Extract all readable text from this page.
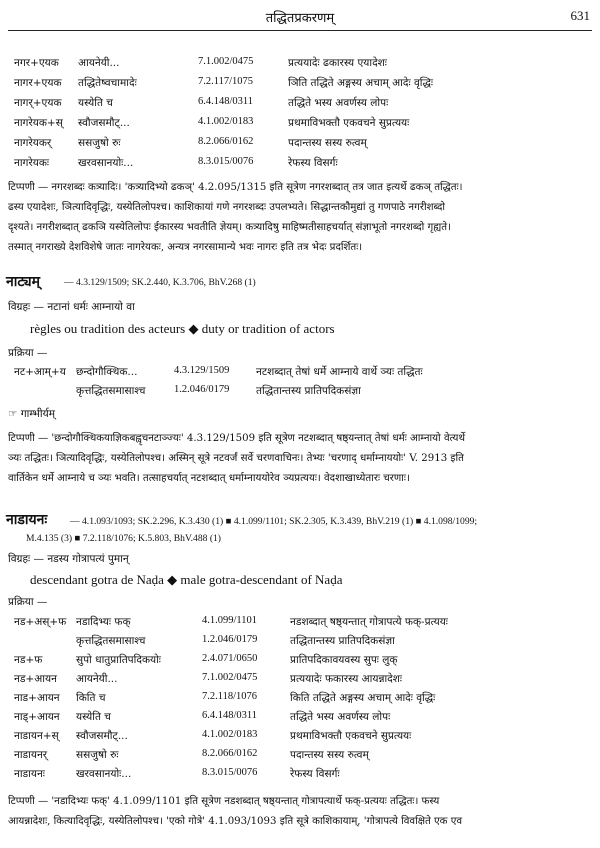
तद्धितप्रकरणम्	631
नगर+एयक आयनेयी...	7.1.002/0475	प्रत्ययादेः ढकारस्य एयादेशः
नागर+एयक तद्धितेष्वचामादेः	7.2.117/1075	ञिति तद्धिते अङ्गस्य अचाम् आदेः वृद्धिः
नागर्+एयक यस्येति च	6.4.148/0311	तद्धिते भस्य अवर्णस्य लोपः
नागरेयक+स् स्वौजसमौट्...	4.1.002/0183	प्रथमाविभक्तौ एकवचने सुप्रत्ययः
नागरेयकर्	ससजुषो रुः	8.2.066/0162	पदान्तस्य सस्य रुत्वम्
नागरेयकः	खरवसानयोः...	8.3.015/0076	रेफस्य विसर्गः
टिप्पणी — नगरशब्दः कत्र्यादिः। 'कत्र्यादिभ्यो ढकञ्' 4.2.095/1315 इति सूत्रेण नगरशब्दात् तत्र जात इत्यर्थे ढकञ् तद्धितः।
ढस्य एयादेशः, ञित्यादिवृद्धिः, यस्येतिलोपश्च। काशिकायां गणे नगरशब्दः उपलभ्यते। सिद्धान्तकौमुद्यां तु गणपाठे नगरीशब्दो
दृश्यते। नगरीशब्दात् ढकञि यस्येतिलोपः ईकारस्य भवतीति ज्ञेयम्। कत्र्यादिषु माहिष्मतीसाहचर्यात् संज्ञाभूतो नगरशब्दो गृह्यते।
तस्मात् नगराख्ये देशविशेषे जातः नागरेयकः, अन्यत्र नगरसामान्ये भवः नागरः इति तत्र भेदः प्रदर्शितः।
नाट्यम्	— 4.3.129/1509; SK.2.440, K.3.706, BhV.268 (1)
विग्रहः — नटानां धर्मः आम्नायो वा
règles ou tradition des acteurs ◆ duty or tradition of actors
प्रक्रिया —
नट+आम्+य छन्दोगौक्थिक...	4.3.129/1509	नटशब्दात् तेषां धर्मे आम्नाये वार्थे ञ्यः तद्धितः
कृत्तद्धितसमासाश्च	1.2.046/0179	तद्धितान्तस्य प्रातिपदिकसंज्ञा
☞ गाम्भीर्यम्
टिप्पणी — 'छन्दोगौक्थिकयाज्ञिकबह्वृचनटाञ्ज्यः' 4.3.129/1509 इति सूत्रेण नटशब्दात् षष्ठ्यन्तात् तेषां धर्मः आम्नायो वेत्यर्थे
ञ्यः तद्धितः। ञित्यादिवृद्धिः, यस्येतिलोपश्च। अस्मिन् सूत्रे नटवर्जं सर्वे चरणवाचिनः। तेभ्यः 'चरणाद् धर्माम्नाययोः' V. 2913 इति
वार्तिकेन धर्मे आम्नाये च ञ्यः भवति। तत्साहचर्यात् नटशब्दात् धर्माम्नाययोरेव ञ्यप्रत्ययः। वेदशाखाध्येतारः चरणाः।
नाडायनः — 4.1.093/1093; SK.2.296, K.3.430 (1) ■ 4.1.099/1101; SK.2.305, K.3.439, BhV.219 (1) ■ 4.1.098/1099;
M.4.135 (3) ■ 7.2.118/1076; K.5.803, BhV.488 (1)
विग्रहः — नडस्य गोत्रापत्यं पुमान्
descendant gotra de Naḍa ◆ male gotra-descendant of Naḍa
प्रक्रिया —
नड+अस्+फ नडादिभ्यः फक्	4.1.099/1101	नडशब्दात् षष्ठ्यन्तात् गोत्रापत्ये फक्-प्रत्ययः
कृत्तद्धितसमासाश्च	1.2.046/0179	तद्धितान्तस्य प्रातिपदिकसंज्ञा
नड+फ	सुपो धातुप्रातिपदिकयोः	2.4.071/0650	प्रातिपदिकावयवस्य सुपः लुक्
नड+आयन आयनेयी...	7.1.002/0475	प्रत्ययादेः फकारस्य आयन्नादेशः
नाड+आयन किति च	7.2.118/1076	किति तद्धिते अङ्गस्य अचाम् आदेः वृद्धिः
नाड्+आयन यस्येति च	6.4.148/0311	तद्धिते भस्य अवर्णस्य लोपः
नाडायन+स् स्वौजसमौट्...	4.1.002/0183	प्रथमाविभक्तौ एकवचने सुप्रत्ययः
नाडायनर्	ससजुषो रुः	8.2.066/0162	पदान्तस्य सस्य रुत्वम्
नाडायनः	खरवसानयोः...	8.3.015/0076	रेफस्य विसर्गः
टिप्पणी — 'नडादिभ्यः फक्' 4.1.099/1101 इति सूत्रेण नडशब्दात् षष्ठ्यन्तात् गोत्रापत्यार्थे फक्-प्रत्ययः तद्धितः। फस्य
आयन्नादेशः, कित्यादिवृद्धिः, यस्येतिलोपश्च। 'एको गोत्रे' 4.1.093/1093 इति सूत्रे काशिकायाम्, 'गोत्रापत्ये विवक्षिते एक एव
